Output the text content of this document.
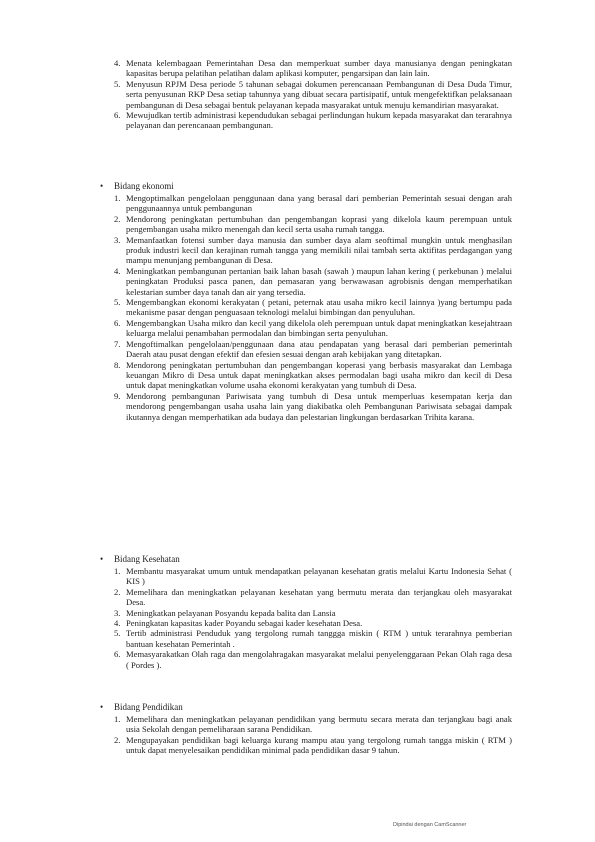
4. Menata kelembagaan Pemerintahan Desa dan memperkuat sumber daya manusianya dengan peningkatan kapasitas berupa pelatihan pelatihan dalam aplikasi komputer, pengarsipan dan lain lain.
5. Menyusun RPJM Desa periode 5 tahunan sebagai dokumen perencanaan Pembangunan di Desa Duda Timur, serta penyusunan RKP Desa setiap tahunnya yang dibuat secara partisipatif, untuk mengefektifkan pelaksanaan pembangunan di Desa sebagai bentuk pelayanan kepada masyarakat untuk menuju kemandirian masyarakat.
6. Mewujudkan tertib administrasi kependudukan sebagai perlindungan hukum kepada masyarakat dan terarahnya pelayanan dan perencanaan pembangunan.
• Bidang ekonomi
1. Mengoptimalkan pengelolaan penggunaan dana yang berasal dari pemberian Pemerintah sesuai dengan arah penggunaannya untuk pembangunan
2. Mendorong peningkatan pertumbuhan dan pengembangan koprasi yang dikelola kaum perempuan untuk pengembangan usaha mikro menengah dan kecil serta usaha rumah tangga.
3. Memanfaatkan fotensi sumber daya manusia dan sumber daya alam seoftimal mungkin untuk menghasilan produk industri kecil dan kerajinan rumah tangga yang memikili nilai tambah serta aktifitas perdagangan yang mampu menunjang pembangunan di Desa.
4. Meningkatkan pembangunan pertanian baik lahan basah (sawah ) maupun lahan kering ( perkebunan ) melalui peningkatan Produksi pasca panen, dan pemasaran yang berwawasan agrobisnis dengan memperhatikan kelestarian sumber daya tanah dan air yang tersedia.
5. Mengembangkan ekonomi kerakyatan ( petani, peternak atau usaha mikro kecil lainnya )yang bertumpu pada mekanisme pasar dengan penguasaan teknologi melalui bimbingan dan penyuluhan.
6. Mengembangkan Usaha mikro dan kecil yang dikelola oleh perempuan untuk dapat meningkatkan kesejahtraan keluarga melalui penambahan permodalan dan bimbingan serta penyuluhan.
7. Mengoftimalkan pengelolaan/penggunaan dana atau pendapatan yang berasal dari pemberian pemerintah Daerah atau pusat dengan efektif dan efesien sesuai dengan arah kebijakan yang ditetapkan.
8. Mendorong peningkatan pertumbuhan dan pengembangan koperasi yang berbasis masyarakat dan Lembaga keuangan Mikro di Desa untuk dapat meningkatkan akses permodalan bagi usaha mikro dan kecil di Desa untuk dapat meningkatkan volume usaha ekonomi kerakyatan yang tumbuh di Desa.
9. Mendorong pembangunan Pariwisata yang tumbuh di Desa untuk memperluas kesempatan kerja dan mendorong pengembangan usaha usaha lain yang diakibatka oleh Pembangunan Pariwisata sebagai dampak ikutannya dengan memperhatikan ada budaya dan pelestarian lingkungan berdasarkan Trihita karana.
• Bidang Kesehatan
1. Membantu masyarakat umum untuk mendapatkan pelayanan kesehatan gratis melalui Kartu Indonesia Sehat ( KIS )
2. Memelihara dan meningkatkan pelayanan kesehatan yang bermutu merata dan terjangkau oleh masyarakat Desa.
3. Meningkatkan pelayanan Posyandu kepada balita dan Lansia
4. Peningkatan kapasitas kader Poyandu sebagai kader kesehatan Desa.
5. Tertib administrasi Penduduk yang tergolong rumah tanggga miskin ( RTM ) untuk terarahnya pemberian bantuan kesehatan Pemerintah .
6. Memasyarakatkan Olah raga dan mengolahragakan masyarakat melalui penyelenggaraan Pekan Olah raga desa ( Pordes ).
• Bidang Pendidikan
1. Memelihara dan meningkatkan pelayanan pendidikan yang bermutu secara merata dan terjangkau bagi anak usia Sekolah dengan pemeliharaan sarana Pendidikan.
2. Mengupayakan pendidikan bagi keluarga kurang mampu atau yang tergolong rumah tangga miskin ( RTM ) untuk dapat menyelesaikan pendidikan minimal pada pendidikan dasar 9 tahun.
Dipindai dengan CamScanner
